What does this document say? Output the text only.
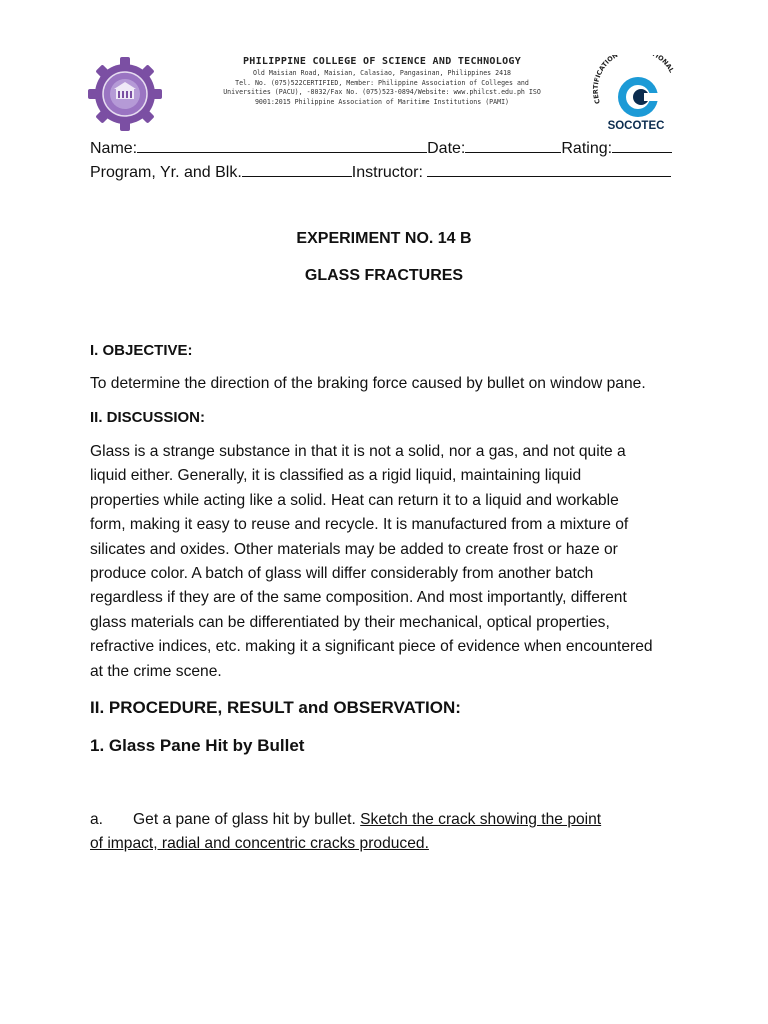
PHILIPPINE COLLEGE OF SCIENCE AND TECHNOLOGY
Old Maisian Road, Maisian, Calasiao, Pangasinan, Philippines 2418
Tel. No. (075)522CERTIFIED, Member: Philippine Association of Colleges and
Universities (PACU), -8032/Fax No. (075)523-0894/Website: www.philcst.edu.ph ISO
9001:2015 Philippine Association of Maritime Institutions (PAMI)	CERTIFICATION IONAL
SOCOTEC
Name:	Date:	Rating:
Program, Yr. and Blk.	Instructor:
EXPERIMENT NO. 14 B
GLASS FRACTURES
I. OBJECTIVE:
To determine the direction of the braking force caused by bullet on window pane.
II. DISCUSSION:
Glass is a strange substance in that it is not a solid, nor a gas, and not quite a
liquid either. Generally, it is classified as a rigid liquid, maintaining liquid
properties while acting like a solid. Heat can return it to a liquid and workable
form, making it easy to reuse and recycle. It is manufactured from a mixture of
silicates and oxides. Other materials may be added to create frost or haze or
produce color. A batch of glass will differ considerably from another batch
regardless if they are of the same composition. And most importantly, different
glass materials can be differentiated by their mechanical, optical properties,
refractive indices, etc. making it a significant piece of evidence when encountered
at the crime scene.
II. PROCEDURE, RESULT and OBSERVATION:
1. Glass Pane Hit by Bullet
a. Get a pane of glass hit by bullet. Sketch the crack showing the point
of impact, radial and concentric cracks produced.
